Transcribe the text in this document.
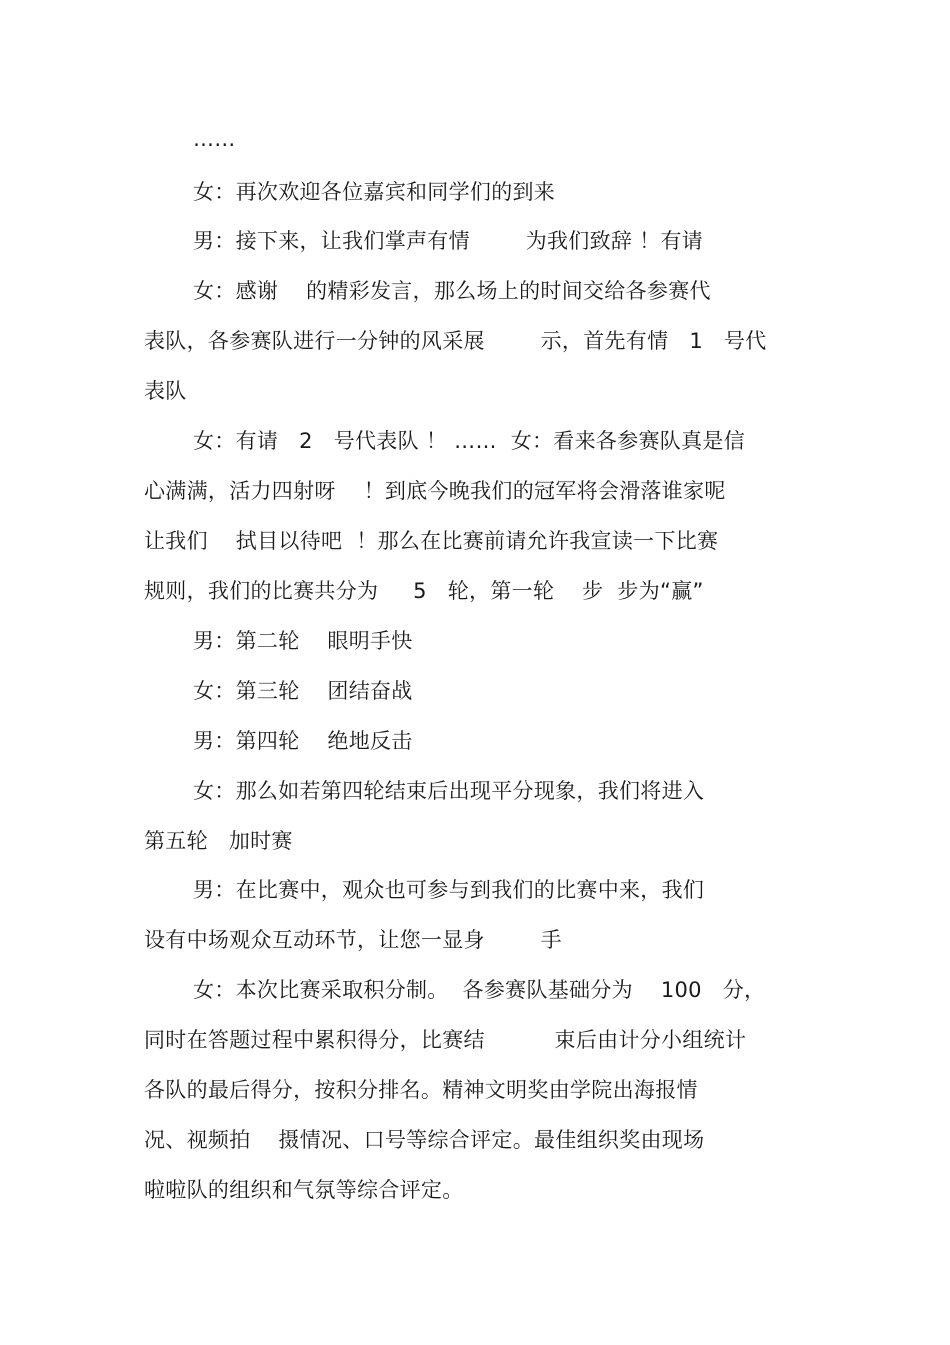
……
女：再次欢迎各位嘉宾和同学们的到来
男：接下来，让我们掌声有情        为我们致辞 ！有请
女：感谢    的精彩发言，那么场上的时间交给各参赛代
表队，各参赛队进行一分钟的风采展        示，首先有情   1   号代
表队
女：有请   2   号代表队 ！ ……  女：看来各参赛队真是信
心满满，活力四射呀    ！到底今晚我们的冠军将会滑落谁家呢
让我们    拭目以待吧  ！那么在比赛前请允许我宣读一下比赛
规则，我们的比赛共分为     5   轮，第一轮    步  步为“赢”
男：第二轮    眼明手快
女：第三轮    团结奋战
男：第四轮    绝地反击
女：那么如若第四轮结束后出现平分现象，我们将进入
第五轮   加时赛
男：在比赛中，观众也可参与到我们的比赛中来，我们
设有中场观众互动环节，让您一显身        手
女：本次比赛采取积分制。  各参赛队基础分为    100   分，
同时在答题过程中累积得分，比赛结          束后由计分小组统计
各队的最后得分，按积分排名。精神文明奖由学院出海报情
况、视频拍    摄情况、口号等综合评定。最佳组织奖由现场
啦啦队的组织和气氛等综合评定。
